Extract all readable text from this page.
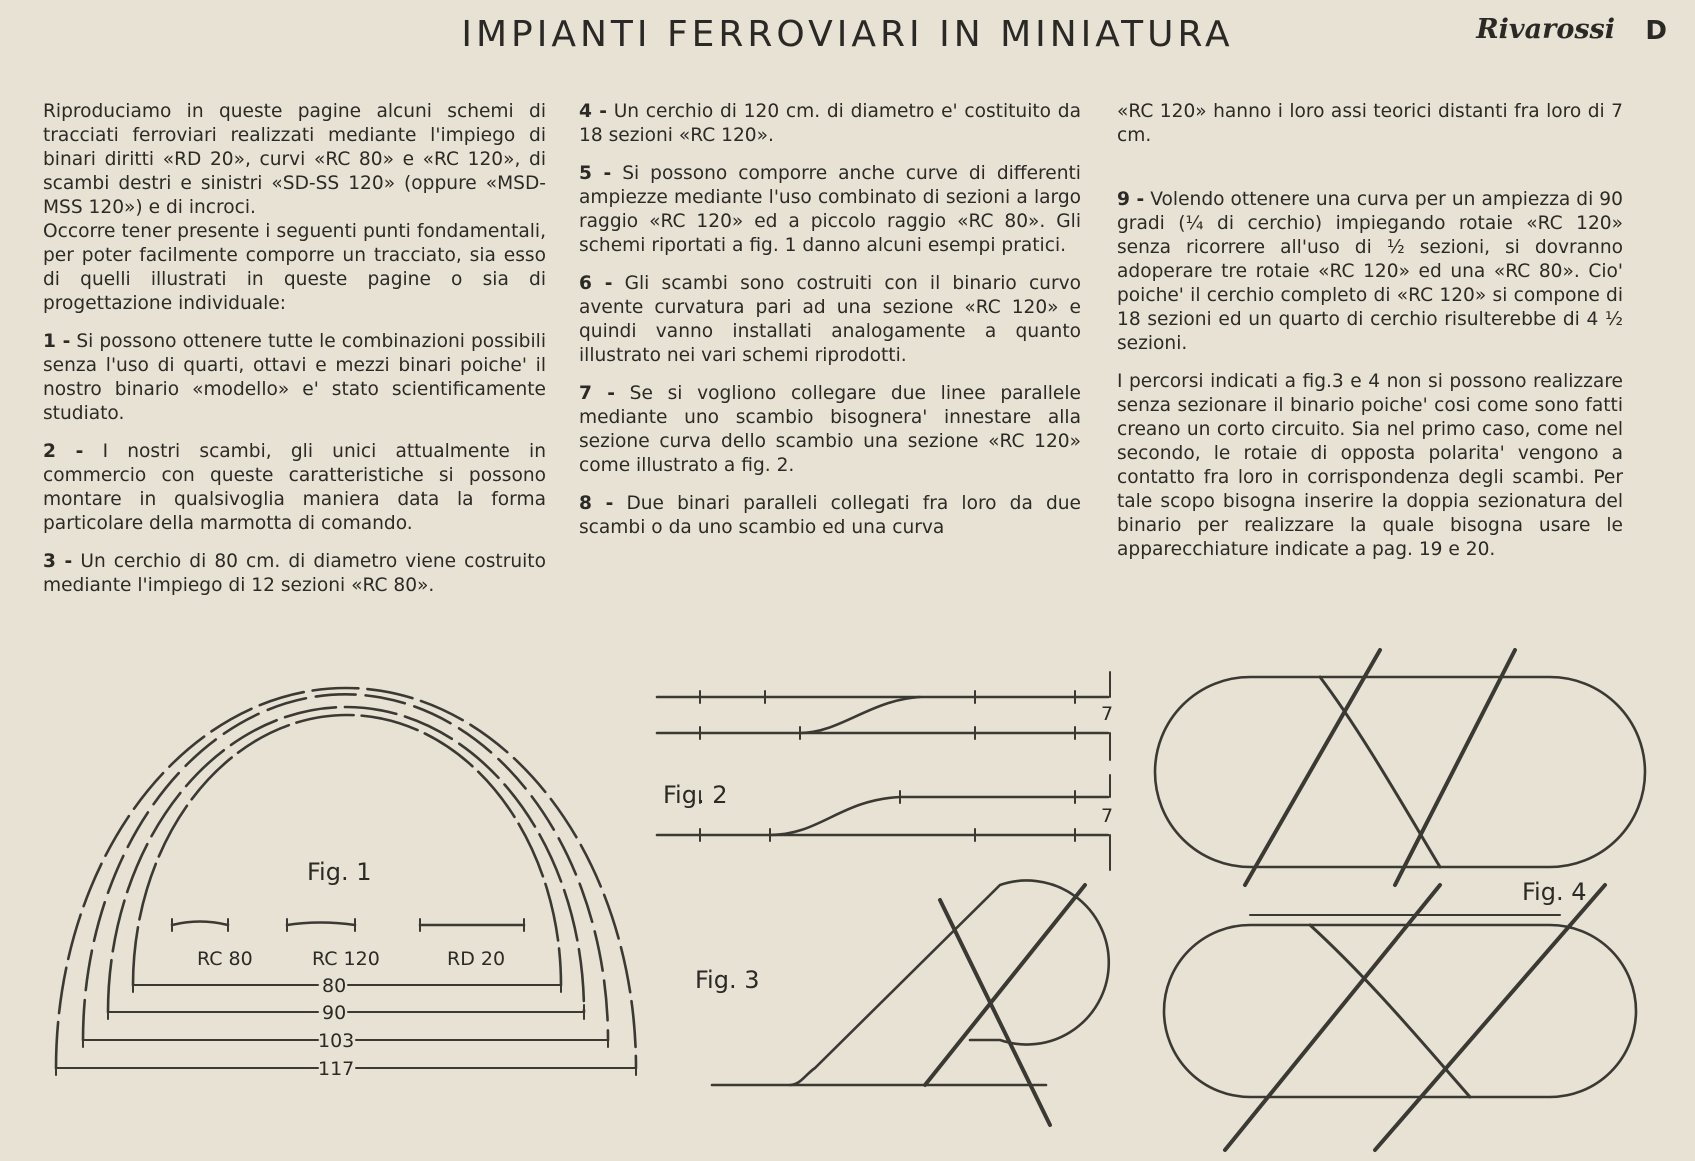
IMPIANTI FERROVIARI IN MINIATURA	Rivarossi D

Riproduciamo in queste pagine alcuni schemi di tracciati ferroviari realizzati mediante l'impiego di binari diritti «RD 20», curvi «RC 80» e «RC 120», di scambi destri e sinistri «SD-SS 120» (oppure «MSD-MSS 120») e di incroci.

Occorre tener presente i seguenti punti fondamentali, per poter facilmente comporre un tracciato, sia esso di quelli illustrati in queste pagine o sia di progettazione individuale:

1 - Si possono ottenere tutte le combinazioni possibili senza l'uso di quarti, ottavi e mezzi binari poiche' il nostro binario «modello» e' stato scientificamente studiato.

2 - I nostri scambi, gli unici attualmente in commercio con queste caratteristiche si possono montare in qualsivoglia maniera data la forma particolare della marmotta di comando.

3 - Un cerchio di 80 cm. di diametro viene costruito mediante l'impiego di 12 sezioni «RC 80».

4 - Un cerchio di 120 cm. di diametro e' costituito da 18 sezioni «RC 120».

5 - Si possono comporre anche curve di differenti ampiezze mediante l'uso combinato di sezioni a largo raggio «RC 120» ed a piccolo raggio «RC 80». Gli schemi riportati a fig. 1 danno alcuni esempi pratici.

6 - Gli scambi sono costruiti con il binario curvo avente curvatura pari ad una sezione «RC 120» e quindi vanno installati analogamente a quanto illustrato nei vari schemi riprodotti.

7 - Se si vogliono collegare due linee parallele mediante uno scambio bisognera' innestare alla sezione curva dello scambio una sezione «RC 120» come illustrato a fig. 2.

8 - Due binari paralleli collegati fra loro da due scambi o da uno scambio ed una curva

«RC 120» hanno i loro assi teorici distanti fra loro di 7 cm.

9 - Volendo ottenere una curva per un ampiezza di 90 gradi (¼ di cerchio) impiegando rotaie «RC 120» senza ricorrere all'uso di ½ sezioni, si dovranno adoperare tre rotaie «RC 120» ed una «RC 80». Cio' poiche' il cerchio completo di «RC 120» si compone di 18 sezioni ed un quarto di cerchio risulterebbe di 4 ½ sezioni.

I percorsi indicati a fig.3 e 4 non si possono realizzare senza sezionare il binario poiche' cosi come sono fatti creano un corto circuito. Sia nel primo caso, come nel secondo, le rotaie di opposta polarita' vengono a contatto fra loro in corrispondenza degli scambi. Per tale scopo bisogna inserire la doppia sezionatura del binario per realizzare la quale bisogna usare le apparecchiature indicate a pag. 19 e 20.

Fig. 1
RC 80	RC 120	RD 20
80
90
103
117
Fig. 2
7
7
Fig. 3
Fig. 4
